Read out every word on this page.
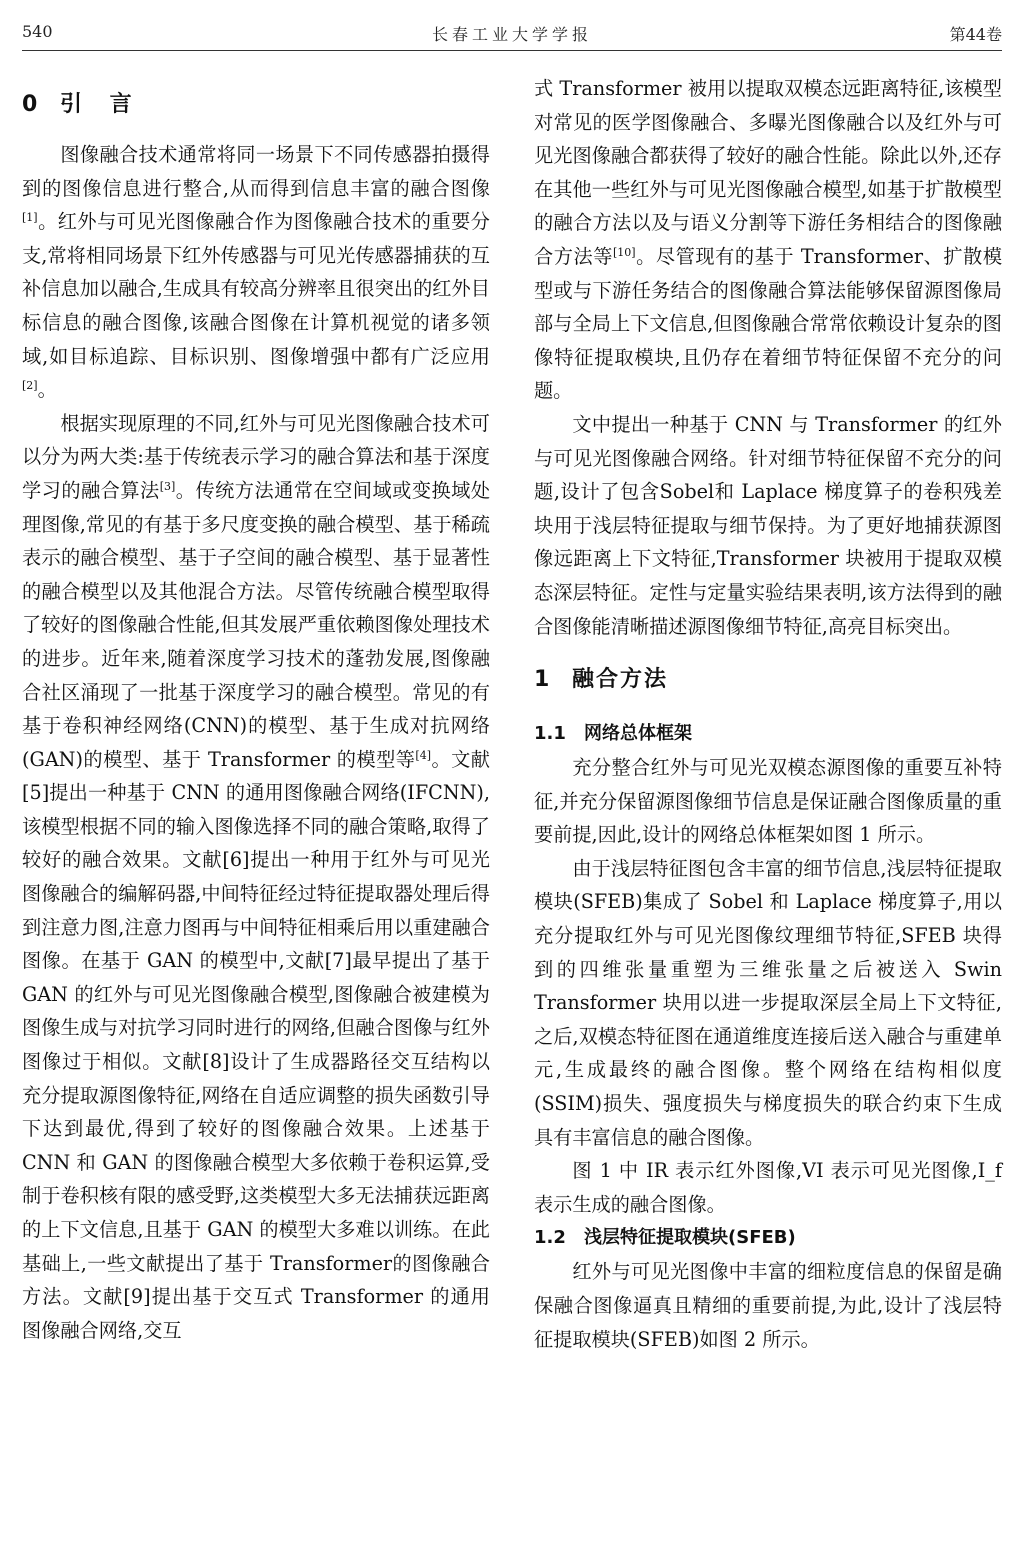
540	长春工业大学学报	第44卷
0 引 言

图像融合技术通常将同一场景下不同传感器拍摄得到的图像信息进行整合,从而得到信息丰富的融合图像[1]。红外与可见光图像融合作为图像融合技术的重要分支,常将相同场景下红外传感器与可见光传感器捕获的互补信息加以融合,生成具有较高分辨率且很突出的红外目标信息的融合图像,该融合图像在计算机视觉的诸多领域,如目标追踪、目标识别、图像增强中都有广泛应用[2]。

根据实现原理的不同,红外与可见光图像融合技术可以分为两大类:基于传统表示学习的融合算法和基于深度学习的融合算法[3]。传统方法通常在空间域或变换域处理图像,常见的有基于多尺度变换的融合模型、基于稀疏表示的融合模型、基于子空间的融合模型、基于显著性的融合模型以及其他混合方法。尽管传统融合模型取得了较好的图像融合性能,但其发展严重依赖图像处理技术的进步。近年来,随着深度学习技术的蓬勃发展,图像融合社区涌现了一批基于深度学习的融合模型。常见的有基于卷积神经网络(CNN)的模型、基于生成对抗网络(GAN)的模型、基于 Transformer 的模型等[4]。文献[5]提出一种基于 CNN 的通用图像融合网络(IFCNN),该模型根据不同的输入图像选择不同的融合策略,取得了较好的融合效果。文献[6]提出一种用于红外与可见光图像融合的编解码器,中间特征经过特征提取器处理后得到注意力图,注意力图再与中间特征相乘后用以重建融合图像。在基于 GAN 的模型中,文献[7]最早提出了基于 GAN 的红外与可见光图像融合模型,图像融合被建模为图像生成与对抗学习同时进行的网络,但融合图像与红外图像过于相似。文献[8]设计了生成器路径交互结构以充分提取源图像特征,网络在自适应调整的损失函数引导下达到最优,得到了较好的图像融合效果。上述基于 CNN 和 GAN 的图像融合模型大多依赖于卷积运算,受制于卷积核有限的感受野,这类模型大多无法捕获远距离的上下文信息,且基于 GAN 的模型大多难以训练。在此基础上,一些文献提出了基于 Transformer的图像融合方法。文献[9]提出基于交互式 Transformer 的通用图像融合网络,交互

式 Transformer 被用以提取双模态远距离特征,该模型对常见的医学图像融合、多曝光图像融合以及红外与可见光图像融合都获得了较好的融合性能。除此以外,还存在其他一些红外与可见光图像融合模型,如基于扩散模型的融合方法以及与语义分割等下游任务相结合的图像融合方法等[10]。尽管现有的基于 Transformer、扩散模型或与下游任务结合的图像融合算法能够保留源图像局部与全局上下文信息,但图像融合常常依赖设计复杂的图像特征提取模块,且仍存在着细节特征保留不充分的问题。

文中提出一种基于 CNN 与 Transformer 的红外与可见光图像融合网络。针对细节特征保留不充分的问题,设计了包含Sobel和 Laplace 梯度算子的卷积残差块用于浅层特征提取与细节保持。为了更好地捕获源图像远距离上下文特征,Transformer 块被用于提取双模态深层特征。定性与定量实验结果表明,该方法得到的融合图像能清晰描述源图像细节特征,高亮目标突出。

1 融合方法
1.1 网络总体框架

充分整合红外与可见光双模态源图像的重要互补特征,并充分保留源图像细节信息是保证融合图像质量的重要前提,因此,设计的网络总体框架如图 1 所示。

由于浅层特征图包含丰富的细节信息,浅层特征提取模块(SFEB)集成了 Sobel 和 Laplace 梯度算子,用以充分提取红外与可见光图像纹理细节特征,SFEB 块得到的四维张量重塑为三维张量之后被送入 Swin Transformer 块用以进一步提取深层全局上下文特征,之后,双模态特征图在通道维度连接后送入融合与重建单元,生成最终的融合图像。整个网络在结构相似度(SSIM)损失、强度损失与梯度损失的联合约束下生成具有丰富信息的融合图像。

图 1 中 IR 表示红外图像,VI 表示可见光图像,I_f 表示生成的融合图像。

1.2 浅层特征提取模块(SFEB)

红外与可见光图像中丰富的细粒度信息的保留是确保融合图像逼真且精细的重要前提,为此,设计了浅层特征提取模块(SFEB)如图 2 所示。
